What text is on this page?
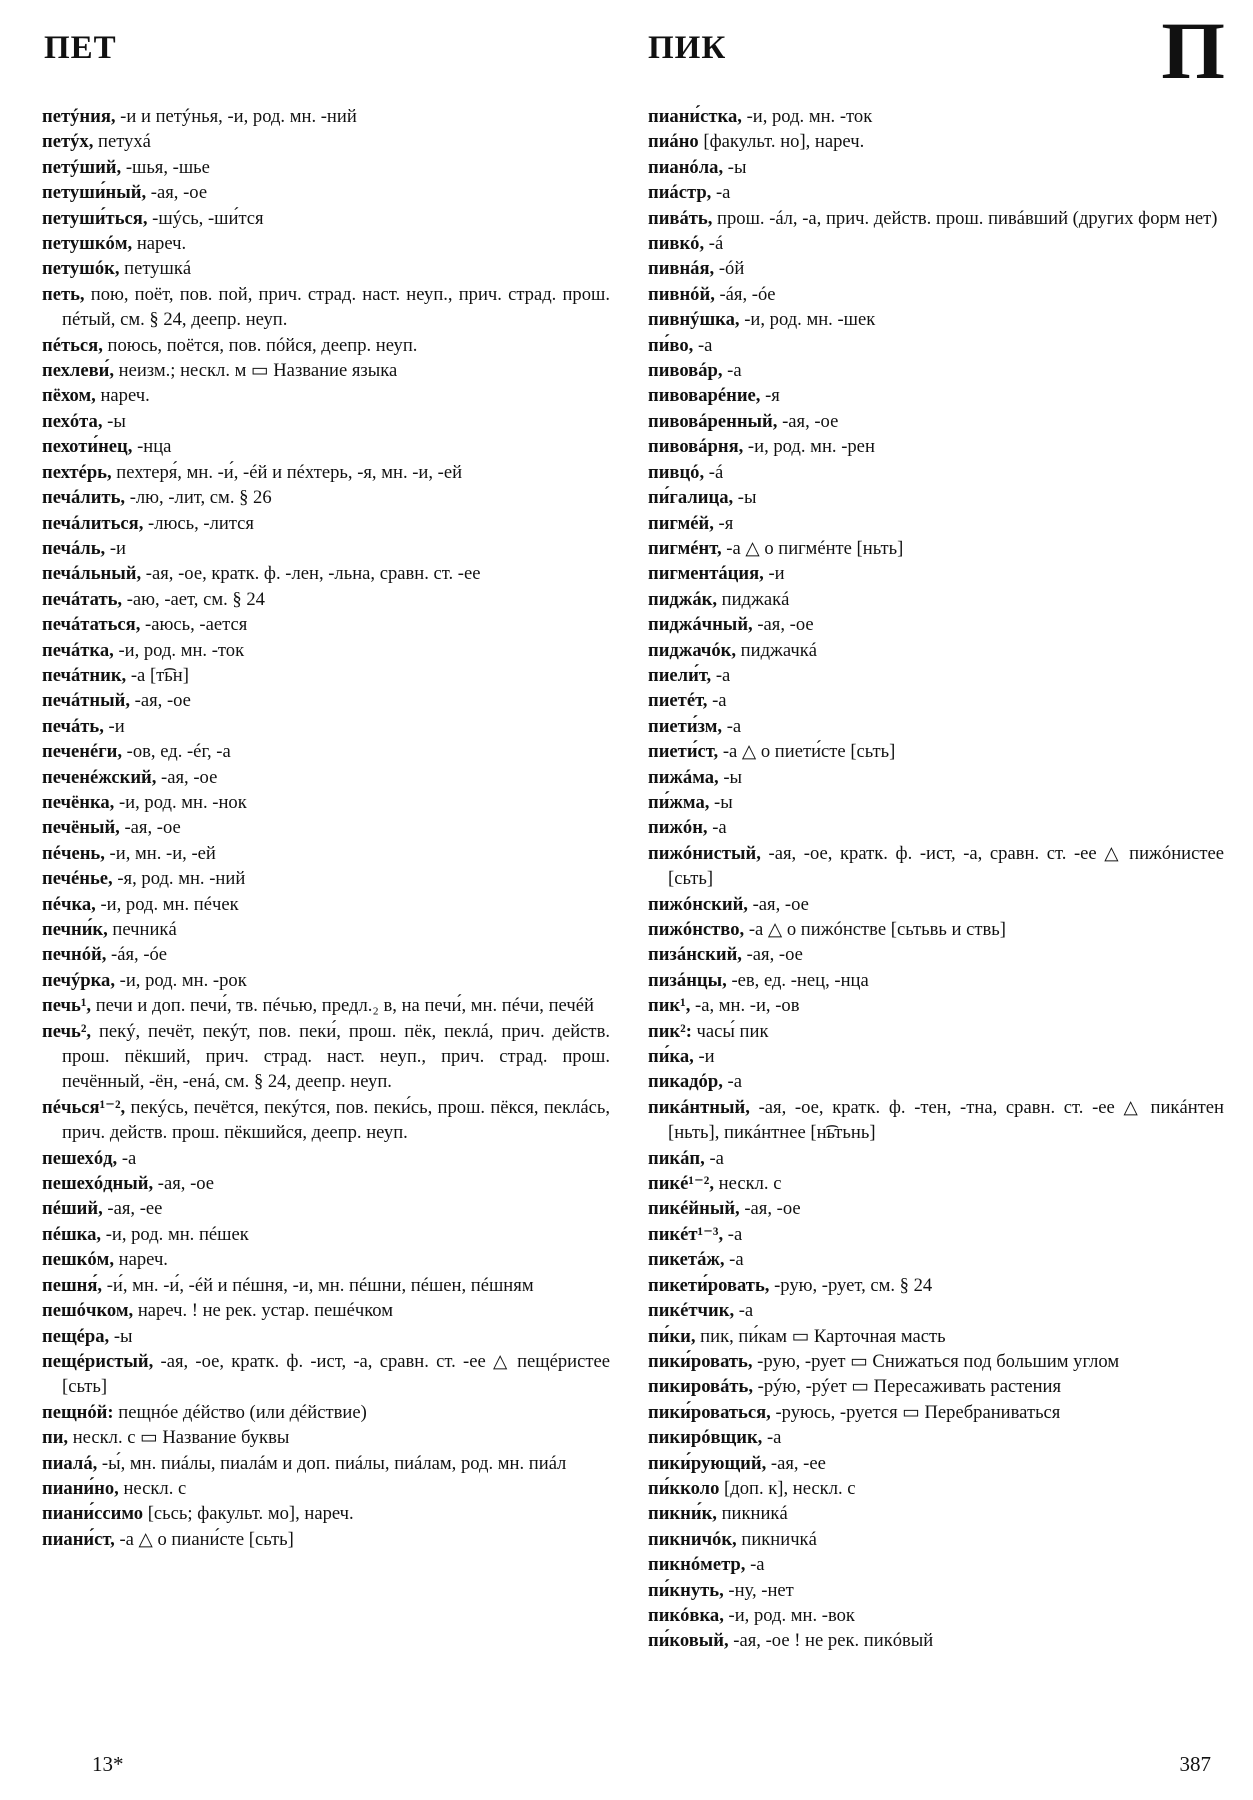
ПЕТ	ПИК	П

петýния, -и и петýнья, -и, род. мн. -ний

петýх, петухá

петýший, -шья, -шье

петуши́ный, -ая, -ое

петуши́ться, -шýсь, -ши́тся

петушкóм, нареч.

петушóк, петушкá

петь, пою, поёт, пов. пой, прич. страд. наст. неуп., прич. страд. прош. пéтый, см. § 24, деепр. неуп.

пéться, поюсь, поётся, пов. пóйся, деепр. неуп.

пехлеви́, неизм.; нескл. м ▭ Название языка

пёхом, нареч.

пехóта, -ы

пехоти́нец, -нца

пехтéрь, пехтеря́, мн. -и́, -éй и пéхтерь, -я, мн. -и, -ей

печáлить, -лю, -лит, см. § 26

печáлиться, -люсь, -лится

печáль, -и

печáльный, -ая, -ое, кратк. ф. -лен, -льна, сравн. ст. -ее

печáтать, -аю, -ает, см. § 24

печáтаться, -аюсь, -ается

печáтка, -и, род. мн. -ток

печáтник, -а [т͡ьн]

печáтный, -ая, -ое

печáть, -и

печенéги, -ов, ед. -éг, -а

печенéжский, -ая, -ое

печёнка, -и, род. мн. -нок

печёный, -ая, -ое

пéчень, -и, мн. -и, -ей

печéнье, -я, род. мн. -ний

пéчка, -и, род. мн. пéчек

печни́к, печникá

печнóй, -áя, -óе

печýрка, -и, род. мн. -рок

печь¹, печи и доп. печи́, тв. пéчью, предл.₂ в, на печи́, мн. пéчи, печéй

печь², пекý, печёт, пекýт, пов. пеки́, прош. пёк, пеклá, прич. действ. прош. пёкший, прич. страд. наст. неуп., прич. страд. прош. печённый, -ён, -енá, см. § 24, деепр. неуп.

пéчься¹⁻², пекýсь, печётся, пекýтся, пов. пеки́сь, прош. пёкся, пеклáсь, прич. действ. прош. пёкшийся, деепр. неуп.

пешехóд, -а

пешехóдный, -ая, -ое

пéший, -ая, -ее

пéшка, -и, род. мн. пéшек

пешкóм, нареч.

пешня́, -и́, мн. -и́, -éй и пéшня, -и, мн. пéшни, пéшен, пéшням

пешóчком, нареч. ! не рек. устар. пешéчком

пещéра, -ы

пещéристый, -ая, -ое, кратк. ф. -ист, -а, сравн. ст. -ее △ пещéристее [сьть]

пещнóй: пещнóе дéйство (или дéйствие)

пи, нескл. с ▭ Название буквы

пиалá, -ы́, мн. пиáлы, пиалáм и доп. пиáлы, пиáлам, род. мн. пиáл

пиани́но, нескл. с

пиани́ссимо [сьсь; факульт. мо], нареч.

пиани́ст, -а △ о пиани́сте [сьть]

пиани́стка, -и, род. мн. -ток

пиáно [факульт. но], нареч.

пианóла, -ы

пиáстр, -а

пивáть, прош. -áл, -а, прич. действ. прош. пивáвший (других форм нет)

пивкó, -á

пивнáя, -óй

пивнóй, -áя, -óе

пивнýшка, -и, род. мн. -шек

пи́во, -а

пивовáр, -а

пивоварéние, -я

пивовáренный, -ая, -ое

пивовáрня, -и, род. мн. -рен

пивцó, -á

пи́галица, -ы

пигмéй, -я

пигмéнт, -а △ о пигмéнте [ньть]

пигментáция, -и

пиджáк, пиджакá

пиджáчный, -ая, -ое

пиджачóк, пиджачкá

пиели́т, -а

пиетéт, -а

пиети́зм, -а

пиети́ст, -а △ о пиети́сте [сьть]

пижáма, -ы

пи́жма, -ы

пижóн, -а

пижóнистый, -ая, -ое, кратк. ф. -ист, -а, сравн. ст. -ее △ пижóнистее [сьть]

пижóнский, -ая, -ое

пижóнство, -а △ о пижóнстве [сьтьвь и ствь]

пизáнский, -ая, -ое

пизáнцы, -ев, ед. -нец, -нца

пик¹, -а, мн. -и, -ов

пик²: часы́ пик

пи́ка, -и

пикадóр, -а

пикáнтный, -ая, -ое, кратк. ф. -тен, -тна, сравн. ст. -ее △ пикáнтен [ньть], пикáнтнее [н͡ьтьнь]

пикáп, -а

пикé¹⁻², нескл. с

пикéйный, -ая, -ое

пикéт¹⁻³, -а

пикетáж, -а

пикети́ровать, -рую, -рует, см. § 24

пикéтчик, -а

пи́ки, пик, пи́кам ▭ Карточная масть

пики́ровать, -рую, -рует ▭ Снижаться под большим углом

пикировáть, -рýю, -рýет ▭ Пересаживать растения

пики́роваться, -руюсь, -руется ▭ Перебраниваться

пикирóвщик, -а

пики́рующий, -ая, -ее

пи́кколо [доп. к], нескл. с

пикни́к, пикникá

пикничóк, пикничкá

пикнóметр, -а

пи́кнуть, -ну, -нет

пикóвка, -и, род. мн. -вок

пи́ковый, -ая, -ое ! не рек. пикóвый

13*	387
